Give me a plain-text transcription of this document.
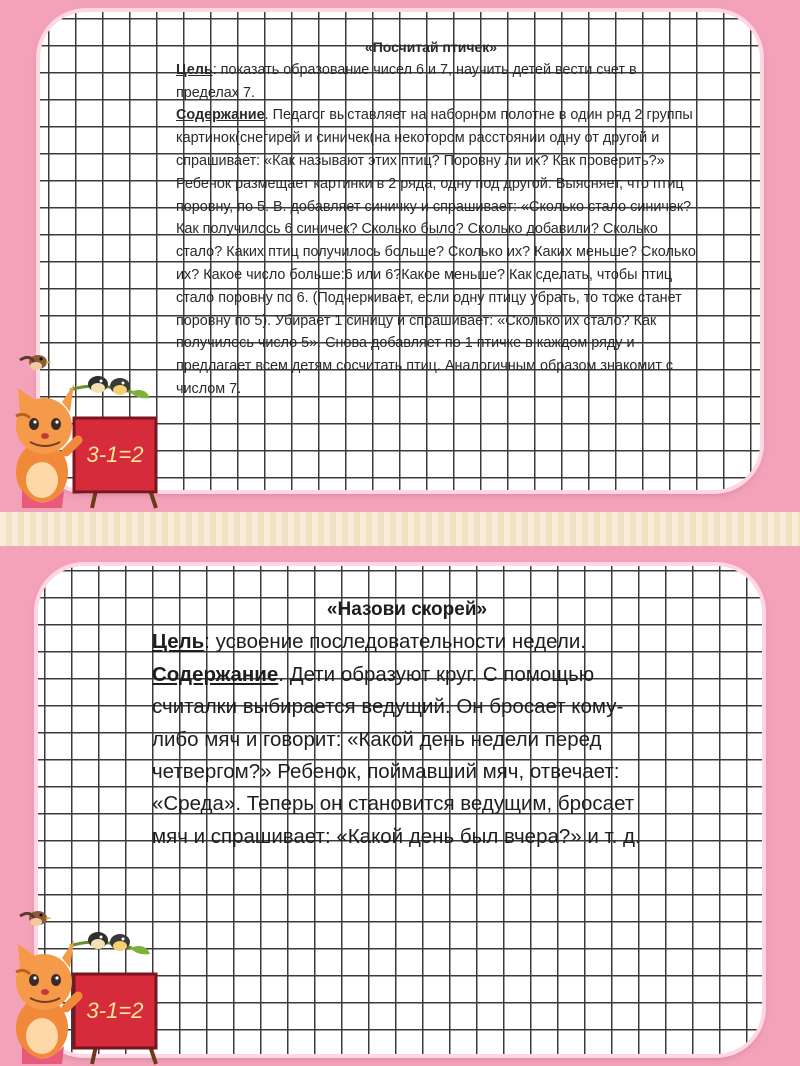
«Посчитай птичек»
Цель: показать образование чисел 6 и 7, научить детей вести счет в пределах 7.
Содержание. Педагог выставляет на наборном полотне в один ряд 2 группы картинок(снегирей и синичек(на некотором расстоянии одну от другой и спрашивает: «Как называют этих птиц? Поровну ли их? Как проверить?» Ребенок размещает картинки в 2 ряда, одну под другой. Выясняет, что птиц поровну, по 5. В. добавляет синичку и спрашивает: «Сколько стало синичек? Как получилось 6 синичек? Сколько было? Сколько добавили? Сколько стало? Каких птиц получилось больше? Сколько их? Каких меньше? Сколько их? Какое число больше:6 или 6?Какое меньше? Как сделать, чтобы птиц стало поровну по 6. (Подчеркивает, если одну птицу убрать, то тоже станет поровну по 5). Убирает 1 синицу и спрашивает: «Сколько их стало? Как получилось число 5». Снова добавляет по 1 птичке в каждом ряду и предлагает всем детям сосчитать птиц. Аналогичным образом знакомит с числом 7.
3-1=2
«Назови скорей»
Цель: усвоение последовательности недели.
Содержание. Дети образуют круг. С помощью считалки выбирается ведущий. Он бросает кому-либо мяч и говорит: «Какой день недели перед четвергом?» Ребенок, поймавший мяч, отвечает: «Среда». Теперь он становится ведущим, бросает мяч и спрашивает: «Какой день был вчера?» и т. д.
3-1=2
